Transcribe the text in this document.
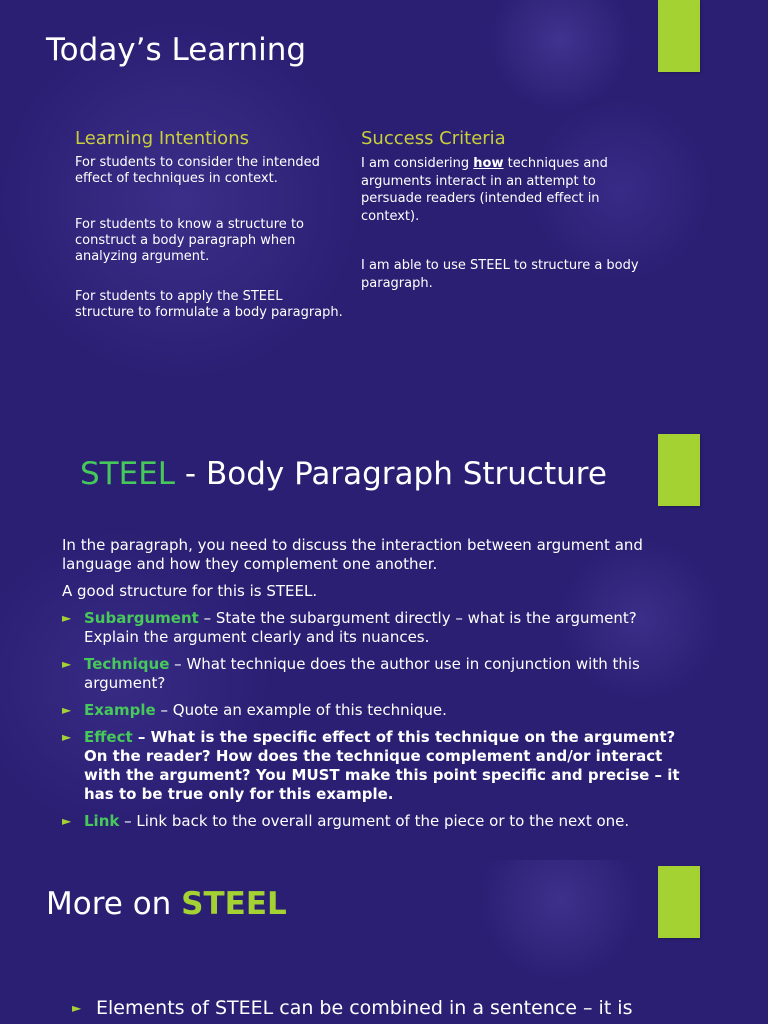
Today’s Learning
Learning Intentions

For students to consider the intended effect of techniques in context.

For students to know a structure to construct a body paragraph when analyzing argument.

For students to apply the STEEL structure to formulate a body paragraph.

Success Criteria

I am considering how techniques and arguments interact in an attempt to persuade readers (intended effect in context).

I am able to use STEEL to structure a body paragraph.

STEEL - Body Paragraph Structure

In the paragraph, you need to discuss the interaction between argument and language and how they complement one another.

A good structure for this is STEEL.

► Subargument – State the subargument directly – what is the argument? Explain the argument clearly and its nuances.
► Technique – What technique does the author use in conjunction with this argument?
► Example – Quote an example of this technique.
► Effect – What is the specific effect of this technique on the argument? On the reader? How does the technique complement and/or interact with the argument? You MUST make this point specific and precise – it has to be true only for this example.
► Link – Link back to the overall argument of the piece or to the next one.
More on STEEL
► Elements of STEEL can be combined in a sentence – it is
